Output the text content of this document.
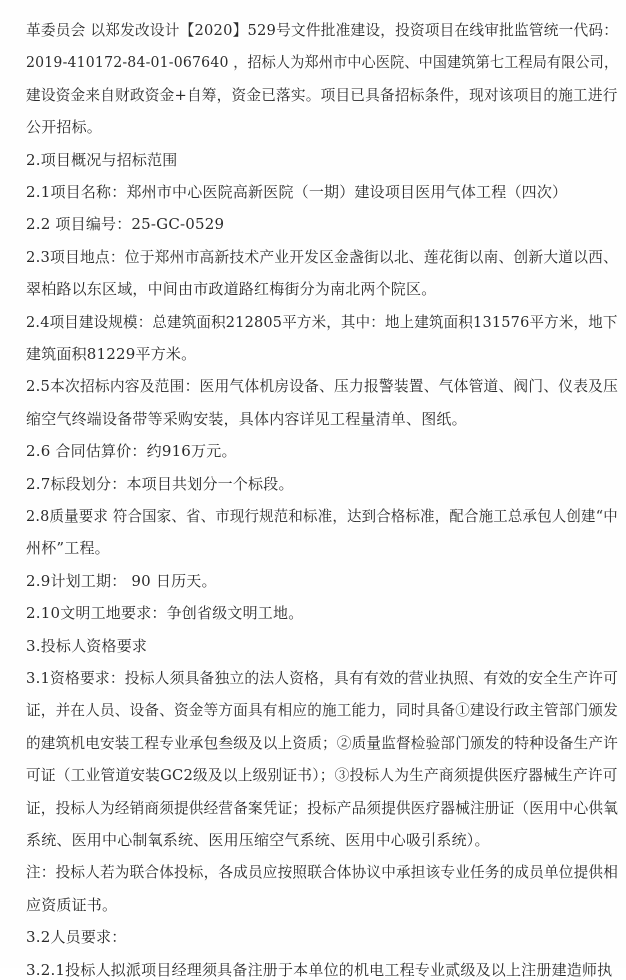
革委员会 以郑发改设计【2020】529号文件批准建设，投资项目在线审批监管统一代码：
2019-410172-84-01-067640 ，招标人为郑州市中心医院、中国建筑第七工程局有限公司，
建设资金来自财政资金+自筹，资金已落实。项目已具备招标条件，现对该项目的施工进行
公开招标。
2.项目概况与招标范围
2.1项目名称：郑州市中心医院高新医院（一期）建设项目医用气体工程（四次）
2.2 项目编号：25-GC-0529
2.3项目地点：位于郑州市高新技术产业开发区金盏街以北、莲花街以南、创新大道以西、
翠柏路以东区域，中间由市政道路红梅街分为南北两个院区。
2.4项目建设规模：总建筑面积212805平方米，其中：地上建筑面积131576平方米，地下
建筑面积81229平方米。
2.5本次招标内容及范围：医用气体机房设备、压力报警装置、气体管道、阀门、仪表及压
缩空气终端设备带等采购安装，具体内容详见工程量清单、图纸。
2.6 合同估算价：约916万元。
2.7标段划分：本项目共划分一个标段。
2.8质量要求 符合国家、省、市现行规范和标准，达到合格标准，配合施工总承包人创建“中
州杯”工程。
2.9计划工期： 90 日历天。
2.10文明工地要求：争创省级文明工地。
3.投标人资格要求
3.1资格要求：投标人须具备独立的法人资格，具有有效的营业执照、有效的安全生产许可
证，并在人员、设备、资金等方面具有相应的施工能力，同时具备①建设行政主管部门颁发
的建筑机电安装工程专业承包叁级及以上资质；②质量监督检验部门颁发的特种设备生产许
可证（工业管道安装GC2级及以上级别证书）；③投标人为生产商须提供医疗器械生产许可
证，投标人为经销商须提供经营备案凭证；投标产品须提供医疗器械注册证（医用中心供氧
系统、医用中心制氧系统、医用压缩空气系统、医用中心吸引系统）。
注：投标人若为联合体投标，各成员应按照联合体协议中承担该专业任务的成员单位提供相
应资质证书。
3.2人员要求：
3.2.1投标人拟派项目经理须具备注册于本单位的机电工程专业贰级及以上注册建造师执
